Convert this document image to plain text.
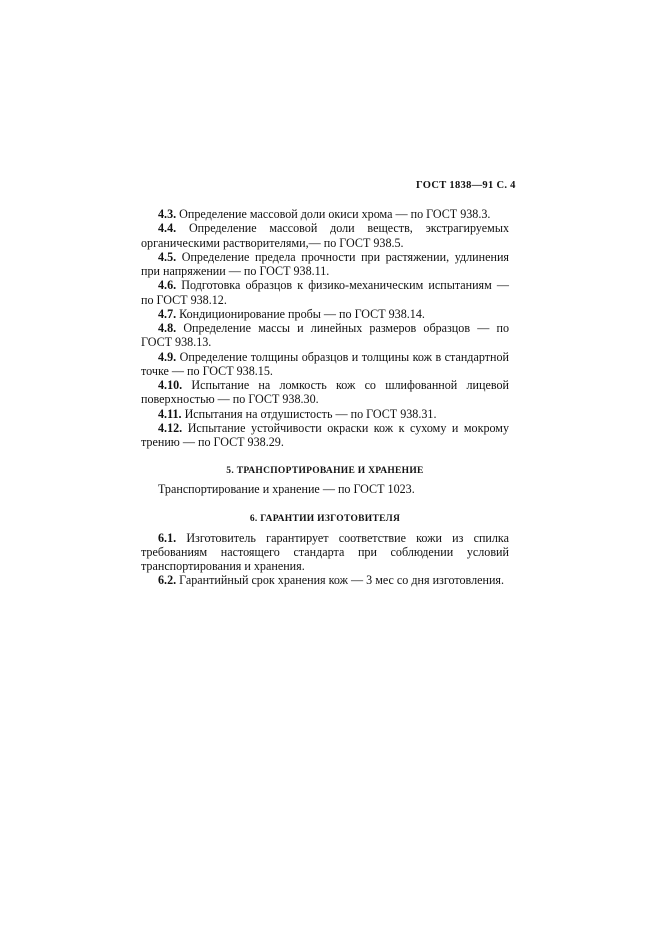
ГОСТ 1838—91 С. 4

4.3. Определение массовой доли окиси хрома — по ГОСТ 938.3.

4.4. Определение массовой доли веществ, экстрагируемых органическими растворителями,— по ГОСТ 938.5.

4.5. Определение предела прочности при растяжении, удлинения при напряжении — по ГОСТ 938.11.

4.6. Подготовка образцов к физико-механическим испытаниям — по ГОСТ 938.12.

4.7. Кондиционирование пробы — по ГОСТ 938.14.

4.8. Определение массы и линейных размеров образцов — по ГОСТ 938.13.

4.9. Определение толщины образцов и толщины кож в стандартной точке — по ГОСТ 938.15.

4.10. Испытание на ломкость кож со шлифованной лицевой поверхностью — по ГОСТ 938.30.

4.11. Испытания на отдушистость — по ГОСТ 938.31.

4.12. Испытание устойчивости окраски кож к сухому и мокрому трению — по ГОСТ 938.29.

5. ТРАНСПОРТИРОВАНИЕ И ХРАНЕНИЕ

Транспортирование и хранение — по ГОСТ 1023.

6. ГАРАНТИИ ИЗГОТОВИТЕЛЯ

6.1. Изготовитель гарантирует соответствие кожи из спилка требованиям настоящего стандарта при соблюдении условий транспортирования и хранения.

6.2. Гарантийный срок хранения кож — 3 мес со дня изготовления.
